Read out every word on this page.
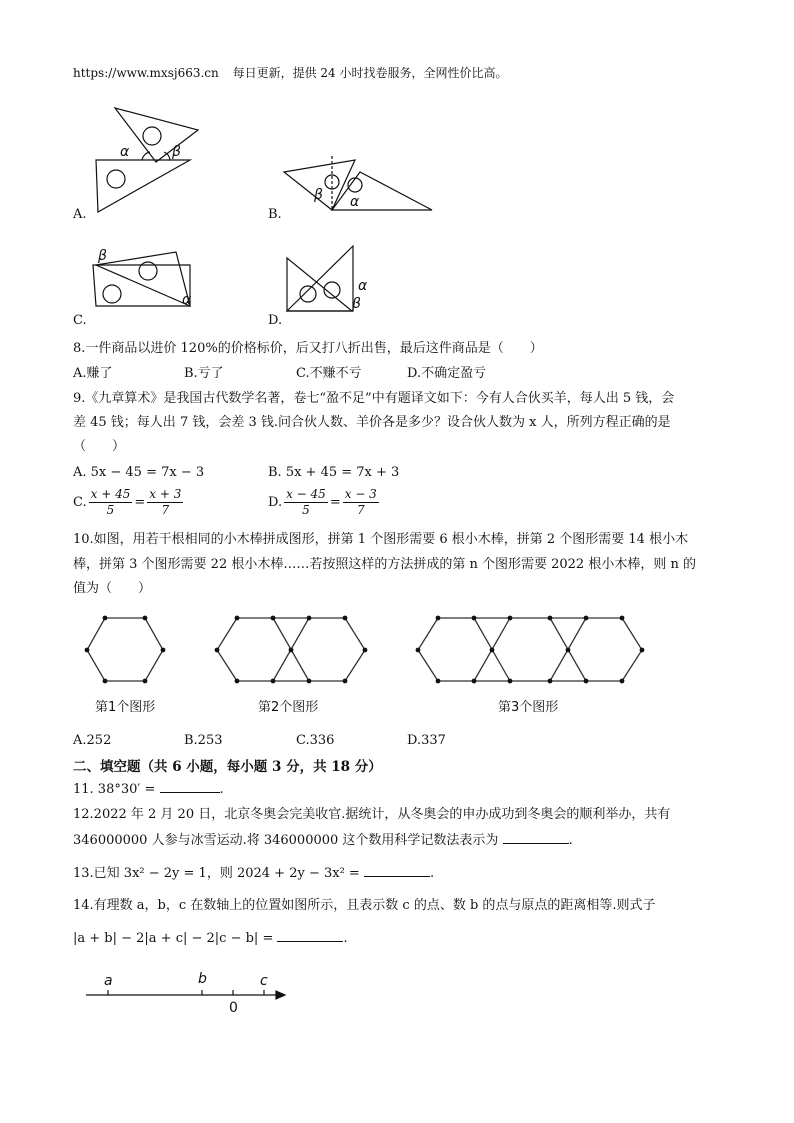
https://www.mxsj663.cn 每日更新，提供 24 小时找卷服务，全网性价比高。
α	β
β α
β
α
α
β
A.	B.
C.	D.
8.一件商品以进价 120%的价格标价，后又打八折出售，最后这件商品是（　　）
A.赚了	B.亏了	C.不赚不亏	D.不确定盈亏
9.《九章算术》是我国古代数学名著，卷七“盈不足”中有题译文如下：今有人合伙买羊，每人出 5 钱，会
差 45 钱；每人出 7 钱，会差 3 钱.问合伙人数、羊价各是多少？设合伙人数为 x 人，所列方程正确的是
（　　）
A. 5x − 45 = 7x − 3	B. 5x + 45 = 7x + 3
C. $\frac{x + 45}{5} = \frac{x + 3}{7}$	D. $\frac{x - 45}{5} = \frac{x - 3}{7}$
10.如图，用若干根相同的小木棒拼成图形，拼第 1 个图形需要 6 根小木棒，拼第 2 个图形需要 14 根小木
棒，拼第 3 个图形需要 22 根小木棒……若按照这样的方法拼成的第 n 个图形需要 2022 根小木棒，则 n 的
值为（　　）
第1个图形	第2个图形	第3个图形
A.252	B.253	C.336	D.337
二、填空题（共 6 小题，每小题 3 分，共 18 分）
11. 38°30′ =	.
12.2022 年 2 月 20 日，北京冬奥会完美收官.据统计，从冬奥会的申办成功到冬奥会的顺利举办，共有
346000000 人参与冰雪运动.将 346000000 这个数用科学记数法表示为	.
13.已知 3x² − 2y = 1，则 2024 + 2y − 3x² =	.
14.有理数 a，b，c 在数轴上的位置如图所示，且表示数 c 的点、数 b 的点与原点的距离相等.则式子
|a + b| − 2|a + c| − 2|c − b| =	.
a	b	c
0
